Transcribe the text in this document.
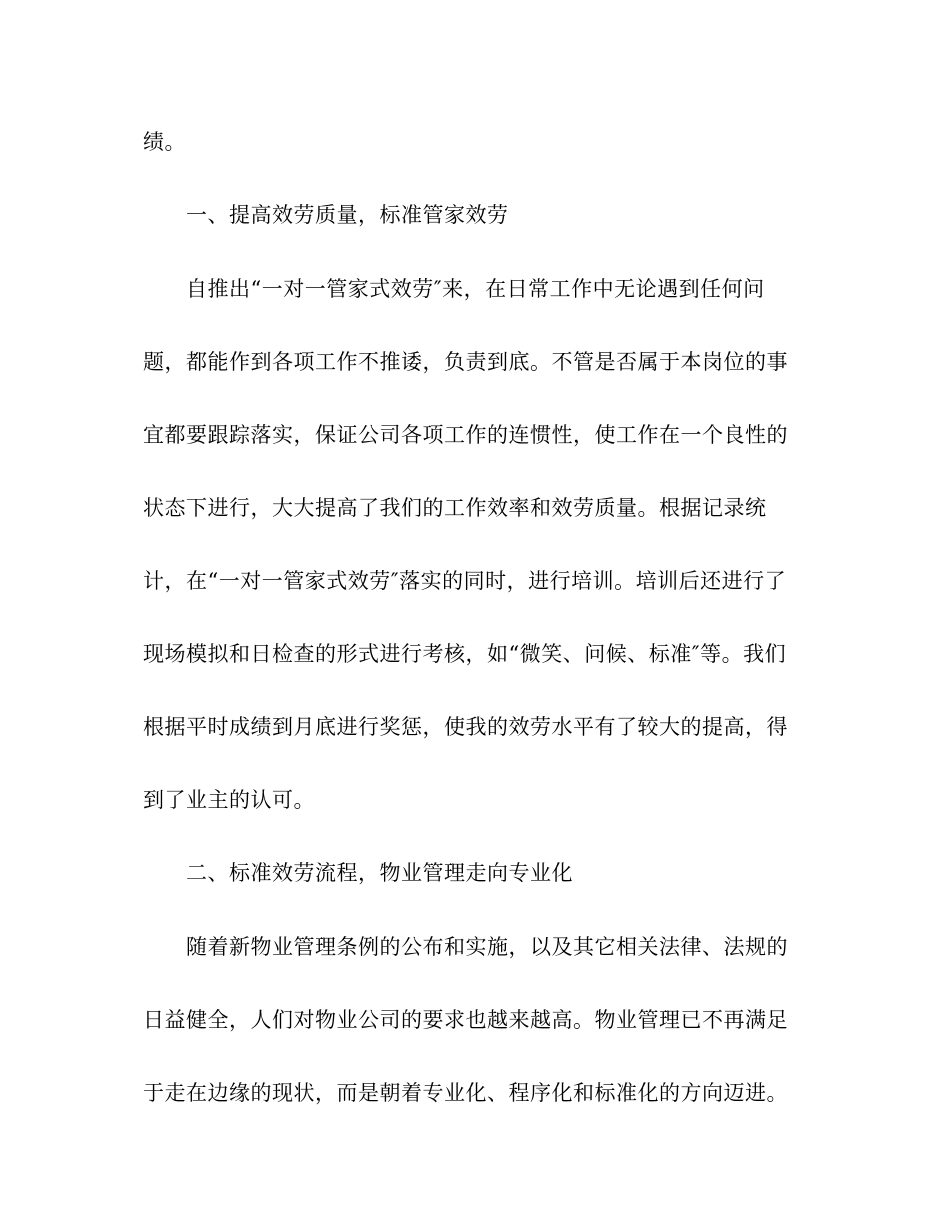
绩。
一、提高效劳质量，标准管家效劳
自推出“一对一管家式效劳″来，在日常工作中无论遇到任何问
题，都能作到各项工作不推诿，负责到底。不管是否属于本岗位的事
宜都要跟踪落实，保证公司各项工作的连惯性，使工作在一个良性的
状态下进行，大大提高了我们的工作效率和效劳质量。根据记录统
计，在“一对一管家式效劳″落实的同时，进行培训。培训后还进行了
现场模拟和日检查的形式进行考核，如“微笑、问候、标准″等。我们
根据平时成绩到月底进行奖惩，使我的效劳水平有了较大的提高，得
到了业主的认可。
二、标准效劳流程，物业管理走向专业化
随着新物业管理条例的公布和实施，以及其它相关法律、法规的
日益健全，人们对物业公司的要求也越来越高。物业管理已不再满足
于走在边缘的现状，而是朝着专业化、程序化和标准化的方向迈进。
